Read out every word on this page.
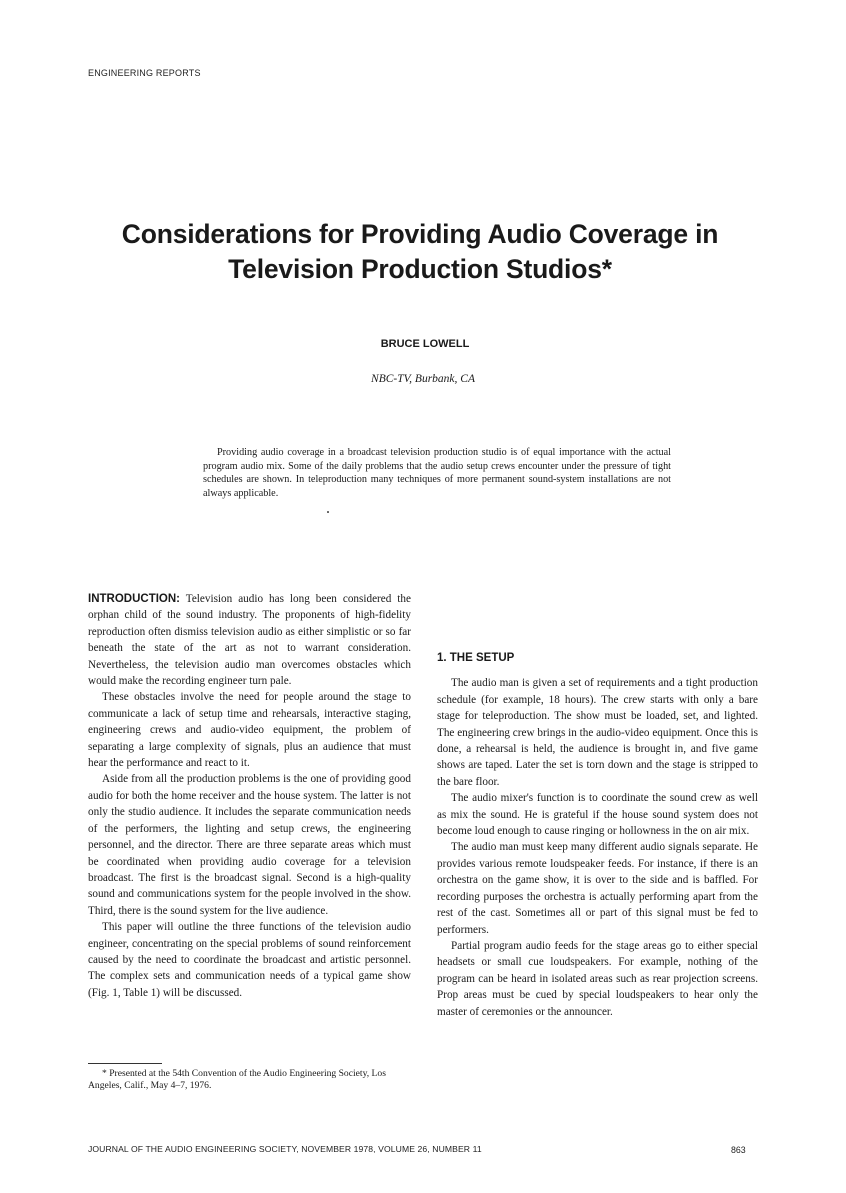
ENGINEERING REPORTS
Considerations for Providing Audio Coverage in
Television Production Studios*
BRUCE LOWELL
NBC-TV, Burbank, CA
Providing audio coverage in a broadcast television production studio is of equal importance with the actual program audio mix. Some of the daily problems that the audio setup crews encounter under the pressure of tight schedules are shown. In teleproduction many techniques of more permanent sound-system installations are not always applicable.

INTRODUCTION: Television audio has long been considered the orphan child of the sound industry. The proponents of high-fidelity reproduction often dismiss television audio as either simplistic or so far beneath the state of the art as not to warrant consideration. Nevertheless, the television audio man overcomes obstacles which would make the recording engineer turn pale.

These obstacles involve the need for people around the stage to communicate a lack of setup time and rehearsals, interactive staging, engineering crews and audio-video equipment, the problem of separating a large complexity of signals, plus an audience that must hear the performance and react to it.

Aside from all the production problems is the one of providing good audio for both the home receiver and the house system. The latter is not only the studio audience. It includes the separate communication needs of the performers, the lighting and setup crews, the engineering personnel, and the director. There are three separate areas which must be coordinated when providing audio coverage for a television broadcast. The first is the broadcast signal. Second is a high-quality sound and communications system for the people involved in the show. Third, there is the sound system for the live audience.

This paper will outline the three functions of the television audio engineer, concentrating on the special problems of sound reinforcement caused by the need to coordinate the broadcast and artistic personnel. The complex sets and communication needs of a typical game show (Fig. 1, Table 1) will be discussed.

1. THE SETUP

The audio man is given a set of requirements and a tight production schedule (for example, 18 hours). The crew starts with only a bare stage for teleproduction. The show must be loaded, set, and lighted. The engineering crew brings in the audio-video equipment. Once this is done, a rehearsal is held, the audience is brought in, and five game shows are taped. Later the set is torn down and the stage is stripped to the bare floor.

The audio mixer's function is to coordinate the sound crew as well as mix the sound. He is grateful if the house sound system does not become loud enough to cause ringing or hollowness in the on air mix.

The audio man must keep many different audio signals separate. He provides various remote loudspeaker feeds. For instance, if there is an orchestra on the game show, it is over to the side and is baffled. For recording purposes the orchestra is actually performing apart from the rest of the cast. Sometimes all or part of this signal must be fed to performers.

Partial program audio feeds for the stage areas go to either special headsets or small cue loudspeakers. For example, nothing of the program can be heard in isolated areas such as rear projection screens. Prop areas must be cued by special loudspeakers to hear only the master of ceremonies or the announcer.

* Presented at the 54th Convention of the Audio Engineering Society, Los Angeles, Calif., May 4–7, 1976.
JOURNAL OF THE AUDIO ENGINEERING SOCIETY, NOVEMBER 1978, VOLUME 26, NUMBER 11	863
